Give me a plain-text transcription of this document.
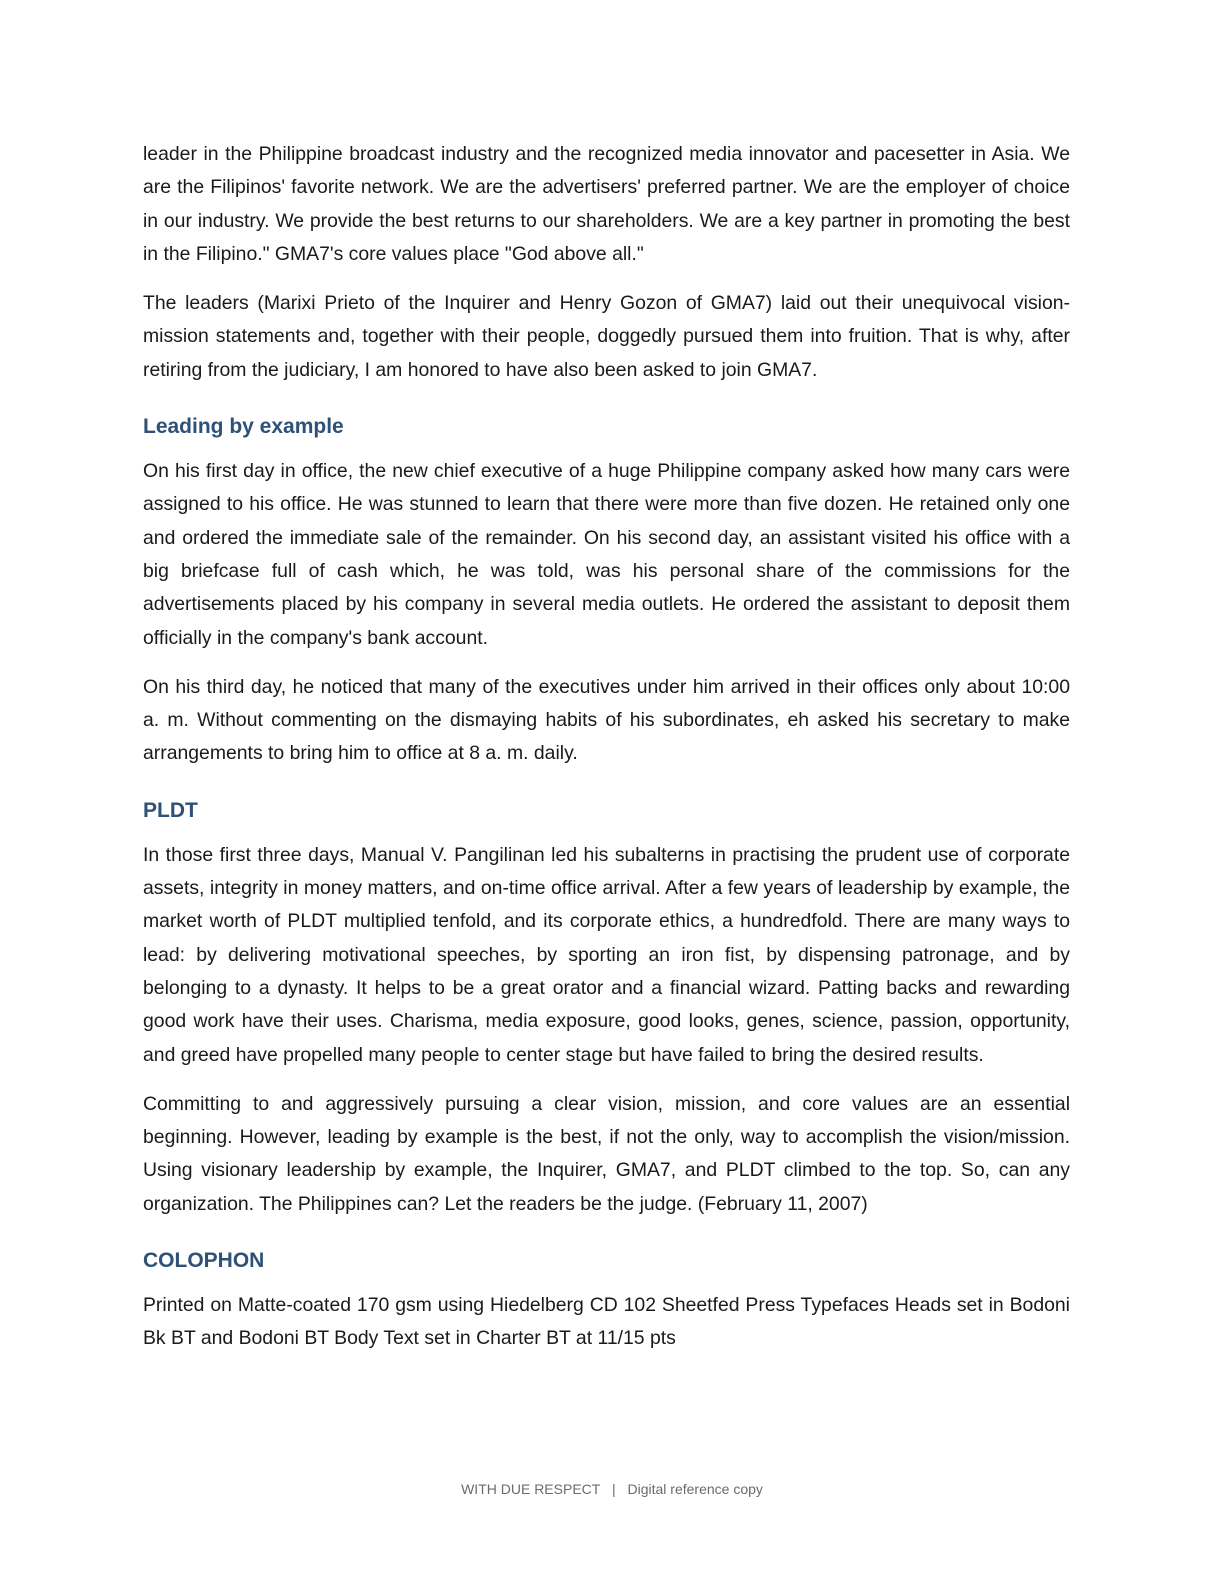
leader in the Philippine broadcast industry and the recognized media innovator and pacesetter in Asia. We are the Filipinos' favorite network. We are the advertisers' preferred partner. We are the employer of choice in our industry. We provide the best returns to our shareholders. We are a key partner in promoting the best in the Filipino." GMA7's core values place "God above all."

The leaders (Marixi Prieto of the Inquirer and Henry Gozon of GMA7) laid out their unequivocal vision-mission statements and, together with their people, doggedly pursued them into fruition. That is why, after retiring from the judiciary, I am honored to have also been asked to join GMA7.

Leading by example

On his first day in office, the new chief executive of a huge Philippine company asked how many cars were assigned to his office. He was stunned to learn that there were more than five dozen. He retained only one and ordered the immediate sale of the remainder. On his second day, an assistant visited his office with a big briefcase full of cash which, he was told, was his personal share of the commissions for the advertisements placed by his company in several media outlets. He ordered the assistant to deposit them officially in the company's bank account.

On his third day, he noticed that many of the executives under him arrived in their offices only about 10:00 a. m. Without commenting on the dismaying habits of his subordinates, eh asked his secretary to make arrangements to bring him to office at 8 a. m. daily.

PLDT

In those first three days, Manual V. Pangilinan led his subalterns in practising the prudent use of corporate assets, integrity in money matters, and on-time office arrival. After a few years of leadership by example, the market worth of PLDT multiplied tenfold, and its corporate ethics, a hundredfold. There are many ways to lead: by delivering motivational speeches, by sporting an iron fist, by dispensing patronage, and by belonging to a dynasty. It helps to be a great orator and a financial wizard. Patting backs and rewarding good work have their uses. Charisma, media exposure, good looks, genes, science, passion, opportunity, and greed have propelled many people to center stage but have failed to bring the desired results.

Committing to and aggressively pursuing a clear vision, mission, and core values are an essential beginning. However, leading by example is the best, if not the only, way to accomplish the vision/mission. Using visionary leadership by example, the Inquirer, GMA7, and PLDT climbed to the top. So, can any organization. The Philippines can? Let the readers be the judge. (February 11, 2007)

COLOPHON

Printed on Matte-coated 170 gsm using Hiedelberg CD 102 Sheetfed Press Typefaces Heads set in Bodoni Bk BT and Bodoni BT Body Text set in Charter BT at 11/15 pts

WITH DUE RESPECT | Digital reference copy
